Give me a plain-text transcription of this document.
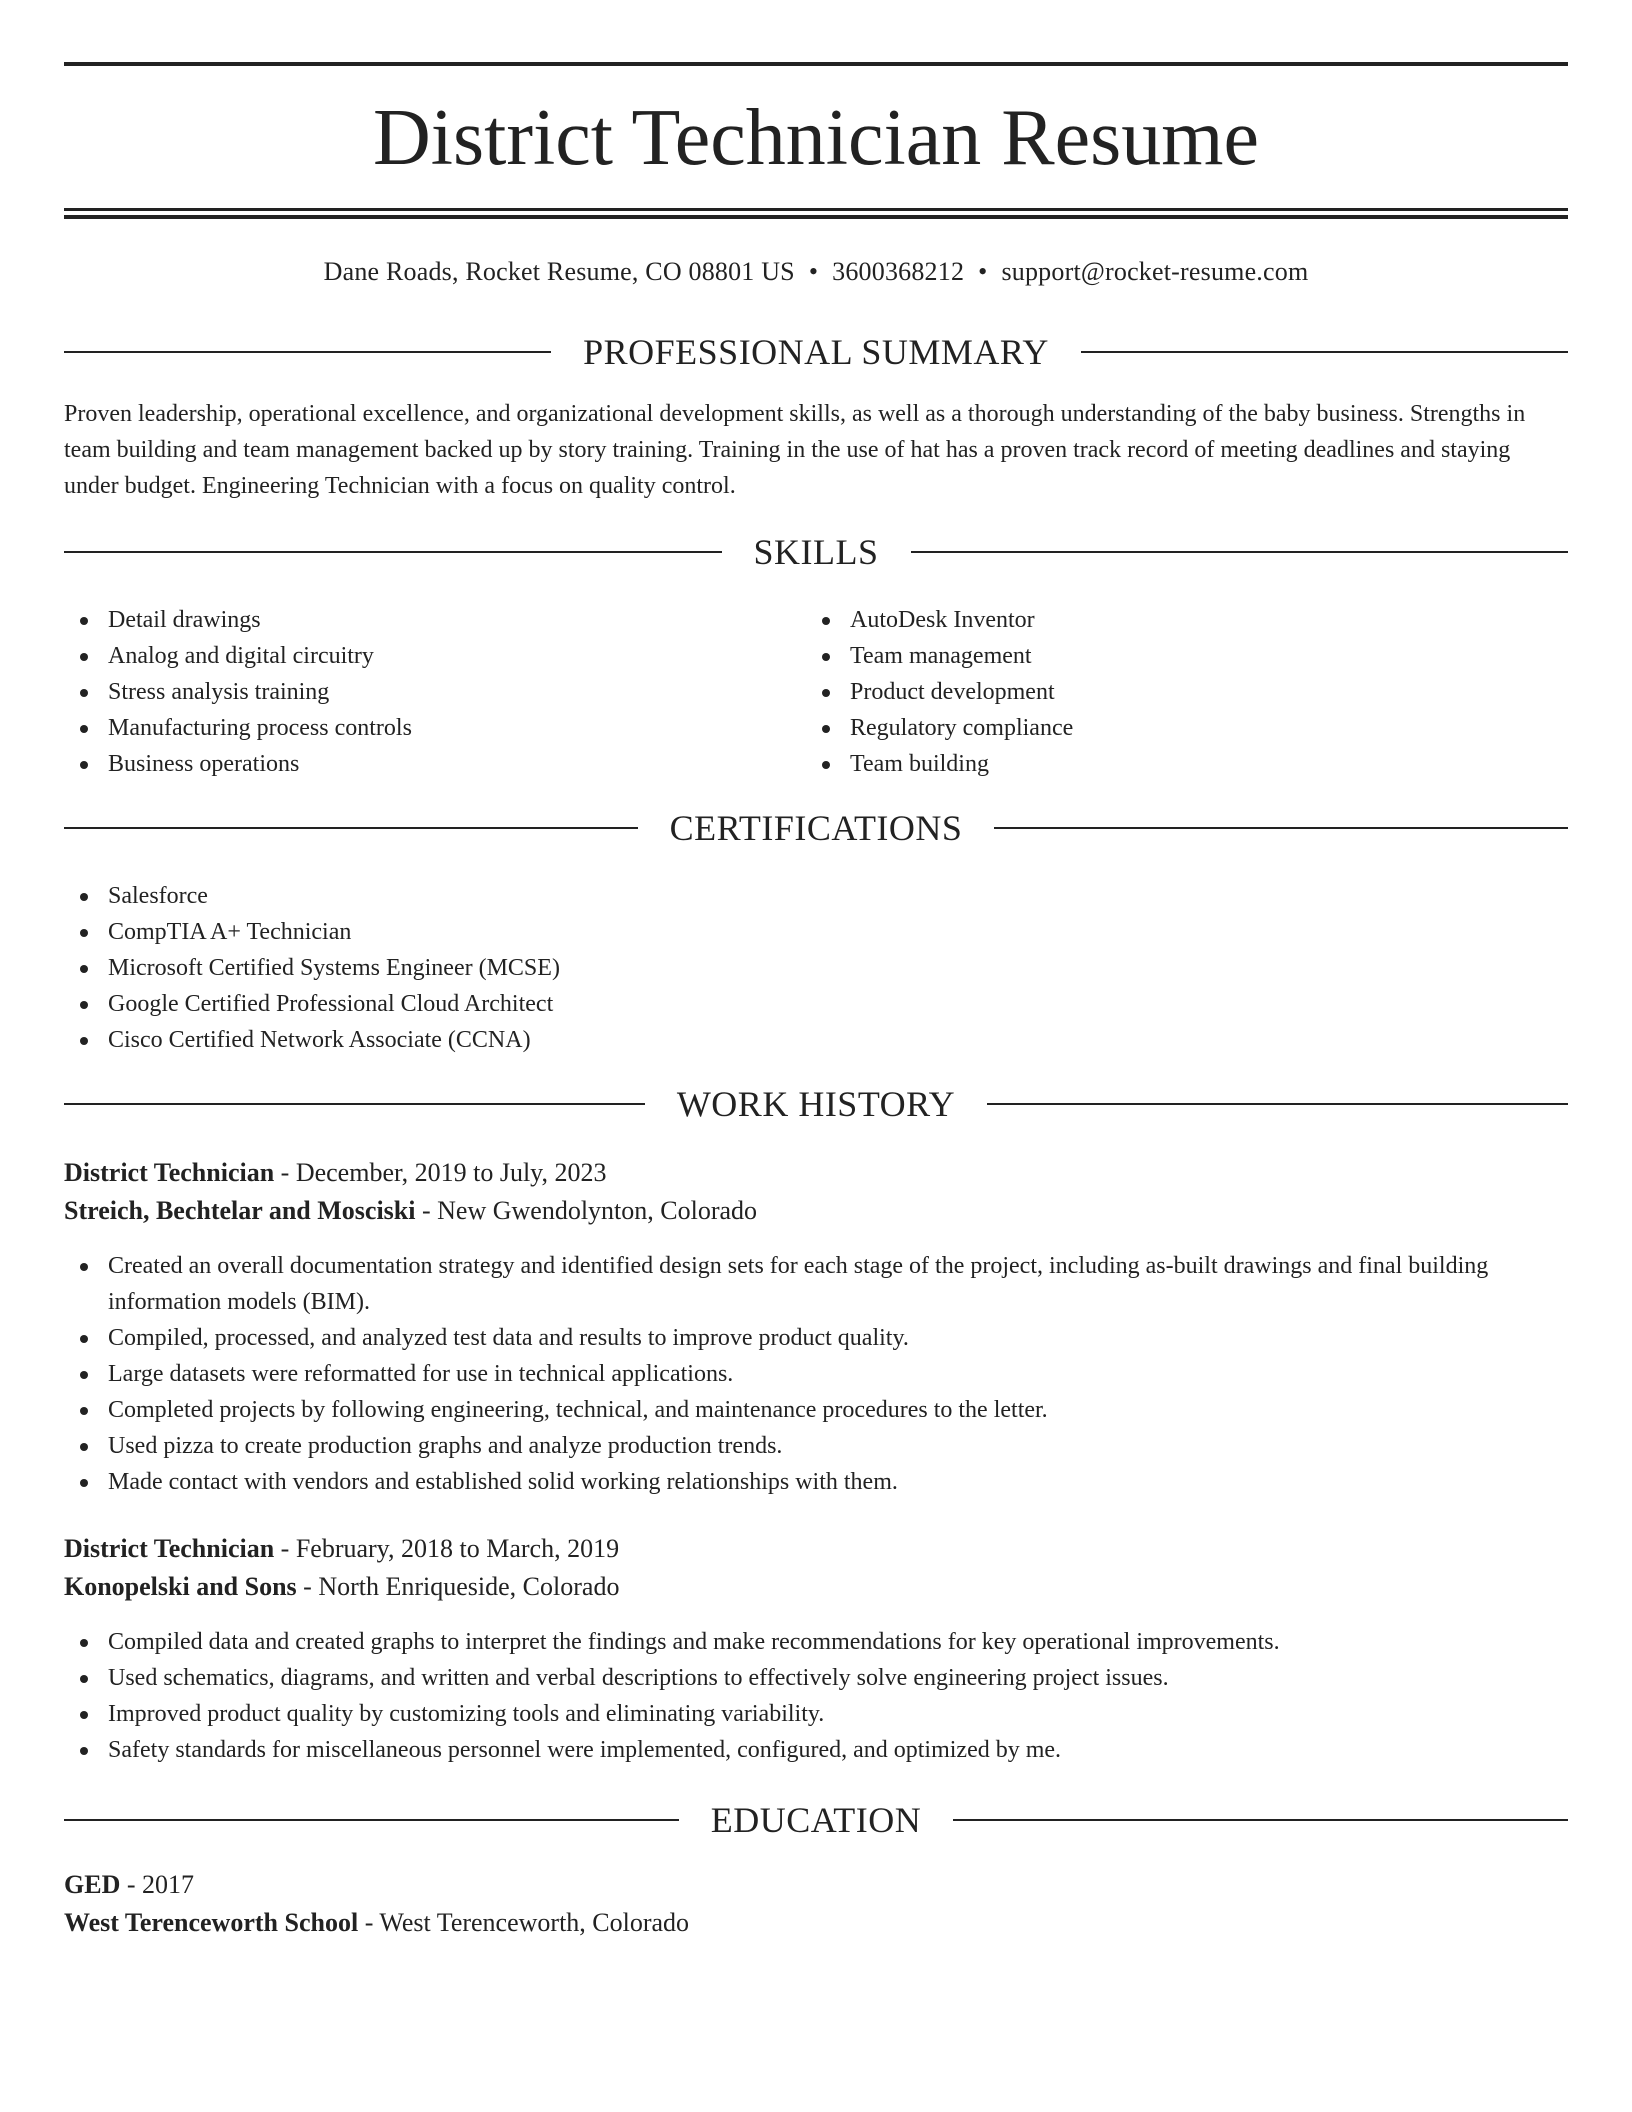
District Technician Resume
Dane Roads, Rocket Resume, CO 08801 US • 3600368212 • support@rocket-resume.com
PROFESSIONAL SUMMARY
Proven leadership, operational excellence, and organizational development skills, as well as a thorough understanding of the baby business. Strengths in team building and team management backed up by story training. Training in the use of hat has a proven track record of meeting deadlines and staying under budget. Engineering Technician with a focus on quality control.
SKILLS
Detail drawings
Analog and digital circuitry
Stress analysis training
Manufacturing process controls
Business operations
AutoDesk Inventor
Team management
Product development
Regulatory compliance
Team building
CERTIFICATIONS
Salesforce
CompTIA A+ Technician
Microsoft Certified Systems Engineer (MCSE)
Google Certified Professional Cloud Architect
Cisco Certified Network Associate (CCNA)
WORK HISTORY
District Technician - December, 2019 to July, 2023
Streich, Bechtelar and Mosciski - New Gwendolynton, Colorado
Created an overall documentation strategy and identified design sets for each stage of the project, including as-built drawings and final building information models (BIM).
Compiled, processed, and analyzed test data and results to improve product quality.
Large datasets were reformatted for use in technical applications.
Completed projects by following engineering, technical, and maintenance procedures to the letter.
Used pizza to create production graphs and analyze production trends.
Made contact with vendors and established solid working relationships with them.
District Technician - February, 2018 to March, 2019
Konopelski and Sons - North Enriqueside, Colorado
Compiled data and created graphs to interpret the findings and make recommendations for key operational improvements.
Used schematics, diagrams, and written and verbal descriptions to effectively solve engineering project issues.
Improved product quality by customizing tools and eliminating variability.
Safety standards for miscellaneous personnel were implemented, configured, and optimized by me.
EDUCATION
GED - 2017
West Terenceworth School - West Terenceworth, Colorado
